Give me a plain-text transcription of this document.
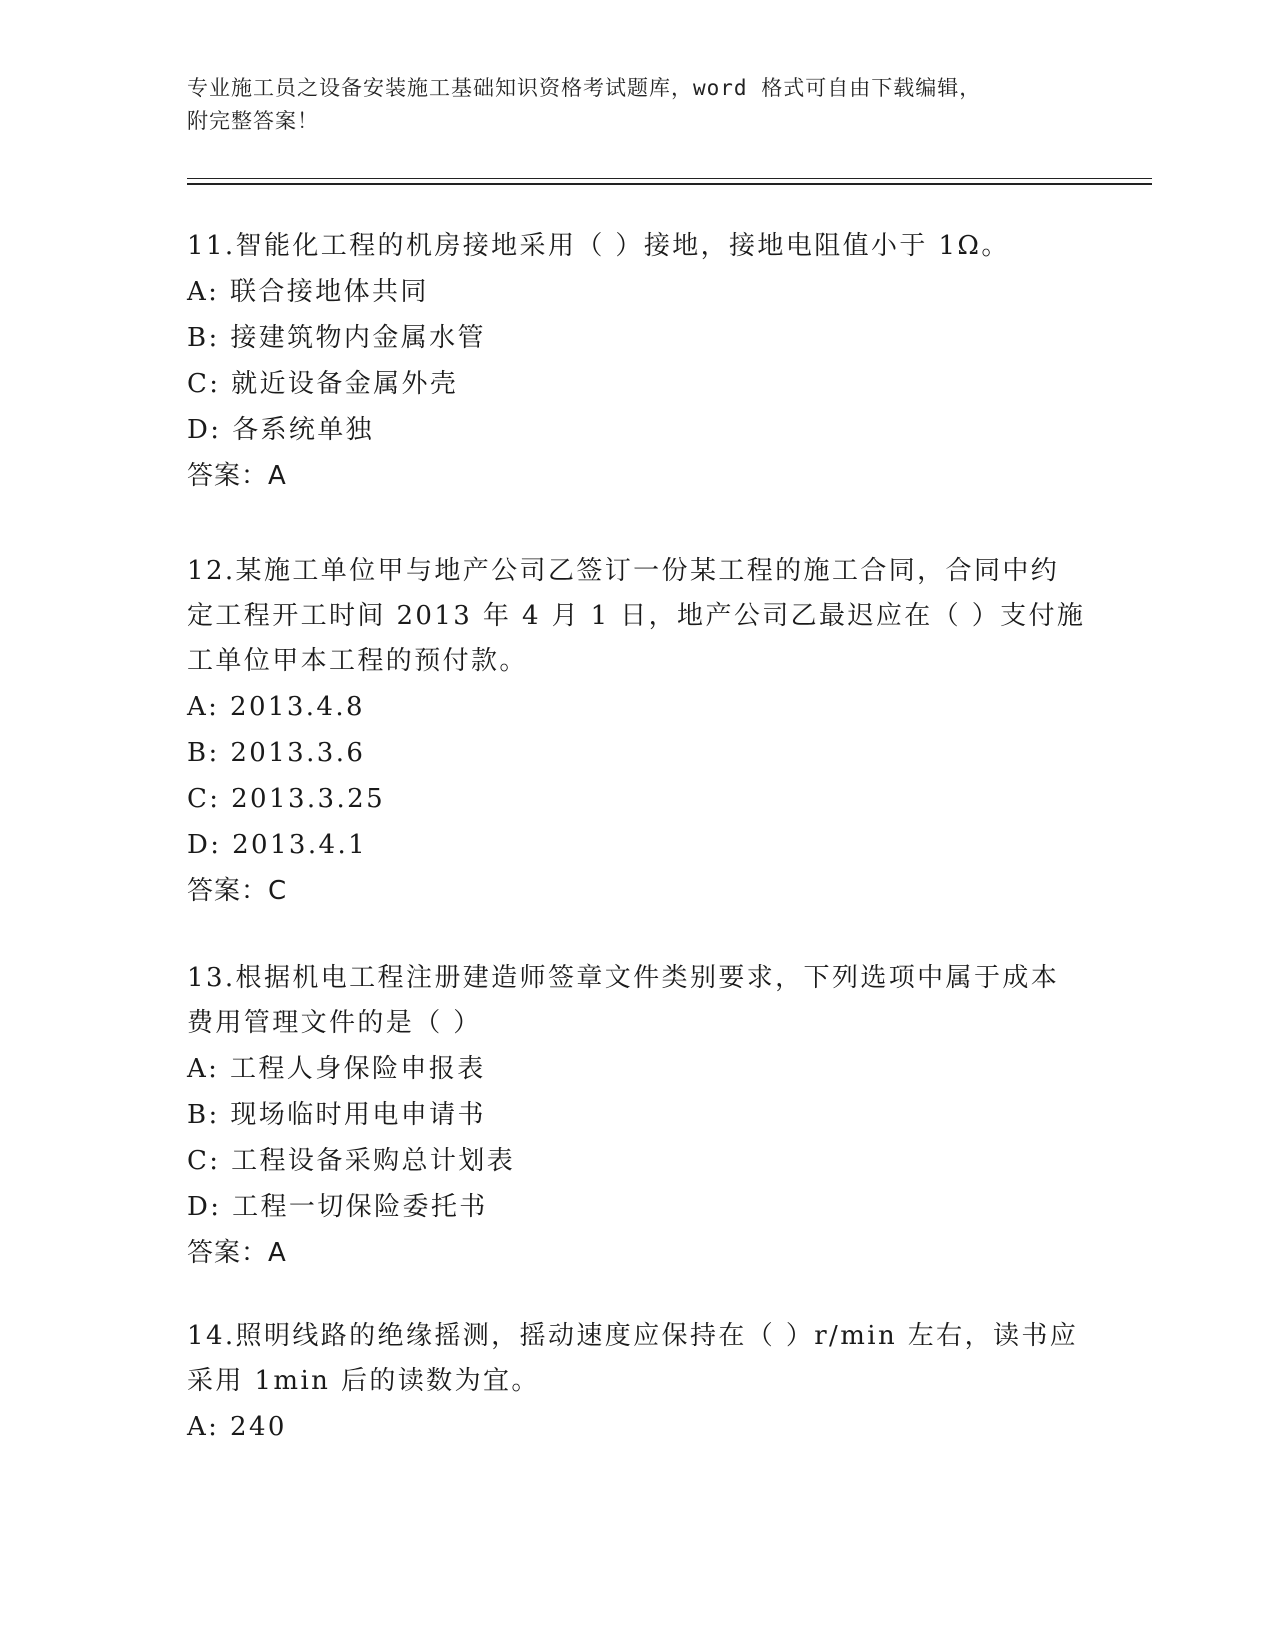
专业施工员之设备安装施工基础知识资格考试题库，word 格式可自由下载编辑，
附完整答案！
11.智能化工程的机房接地采用（ ）接地，接地电阻值小于 1Ω。
A: 联合接地体共同
B: 接建筑物内金属水管
C: 就近设备金属外壳
D: 各系统单独
答案：A
12.某施工单位甲与地产公司乙签订一份某工程的施工合同，合同中约
定工程开工时间 2013 年 4 月 1 日，地产公司乙最迟应在（ ）支付施
工单位甲本工程的预付款。
A: 2013.4.8
B: 2013.3.6
C: 2013.3.25
D: 2013.4.1
答案：C
13.根据机电工程注册建造师签章文件类别要求，下列选项中属于成本
费用管理文件的是（ ）
A: 工程人身保险申报表
B: 现场临时用电申请书
C: 工程设备采购总计划表
D: 工程一切保险委托书
答案：A
14.照明线路的绝缘摇测，摇动速度应保持在（ ）r/min 左右，读书应
采用 1min 后的读数为宜。
A: 240
